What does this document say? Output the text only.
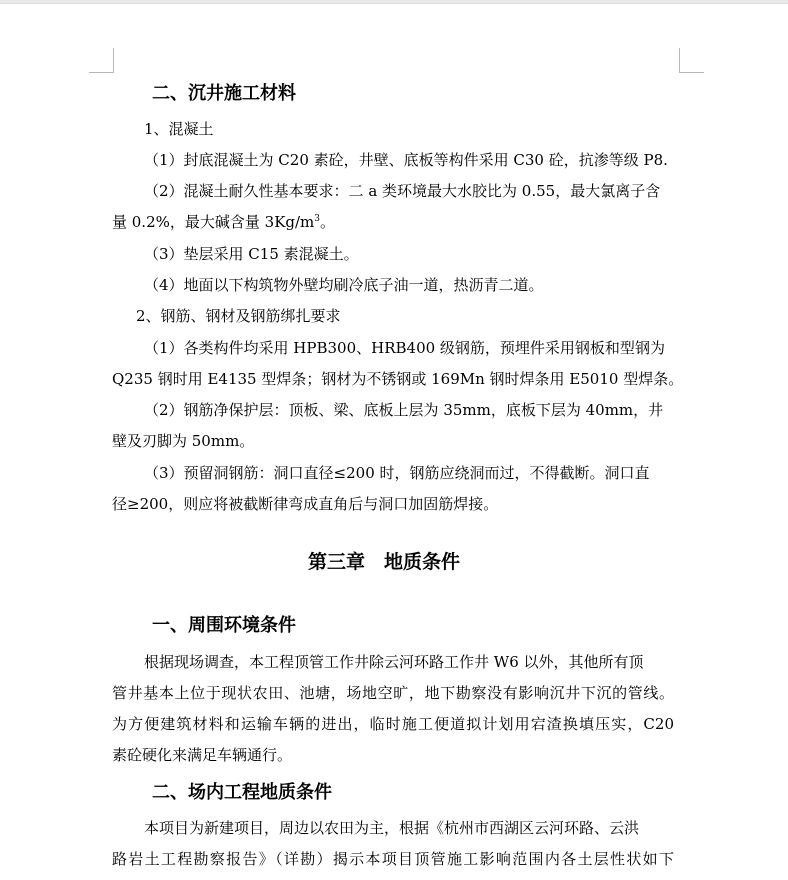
二、沉井施工材料
1、混凝土
（1）封底混凝土为 C20 素砼，井壁、底板等构件采用 C30 砼，抗渗等级 P8.
（2）混凝土耐久性基本要求：二 a 类环境最大水胶比为 0.55，最大氯离子含
量 0.2%，最大碱含量 $3Kg/m^3$。
（3）垫层采用 C15 素混凝土。
（4）地面以下构筑物外壁均刷冷底子油一道，热沥青二道。
2、钢筋、钢材及钢筋绑扎要求
（1）各类构件均采用 HPB300、HRB400 级钢筋，预埋件采用钢板和型钢为
Q235 钢时用 E4135 型焊条；钢材为不锈钢或 169Mn 钢时焊条用 E5010 型焊条。
（2）钢筋净保护层：顶板、梁、底板上层为 35mm，底板下层为 40mm，井
壁及刃脚为 50mm。
（3）预留洞钢筋：洞口直径≤200 时，钢筋应绕洞而过，不得截断。洞口直
径≥200，则应将被截断律弯成直角后与洞口加固筋焊接。
第三章　地质条件
一、周围环境条件
根据现场调查，本工程顶管工作井除云河环路工作井 W6 以外，其他所有顶
管井基本上位于现状农田、池塘，场地空旷，地下勘察没有影响沉井下沉的管线。
为方便建筑材料和运输车辆的进出，临时施工便道拟计划用宕渣换填压实，C20
素砼硬化来满足车辆通行。
二、场内工程地质条件
本项目为新建项目，周边以农田为主，根据《杭州市西湖区云河环路、云洪
路岩土工程勘察报告》（详勘）揭示本项目顶管施工影响范围内各土层性状如下
